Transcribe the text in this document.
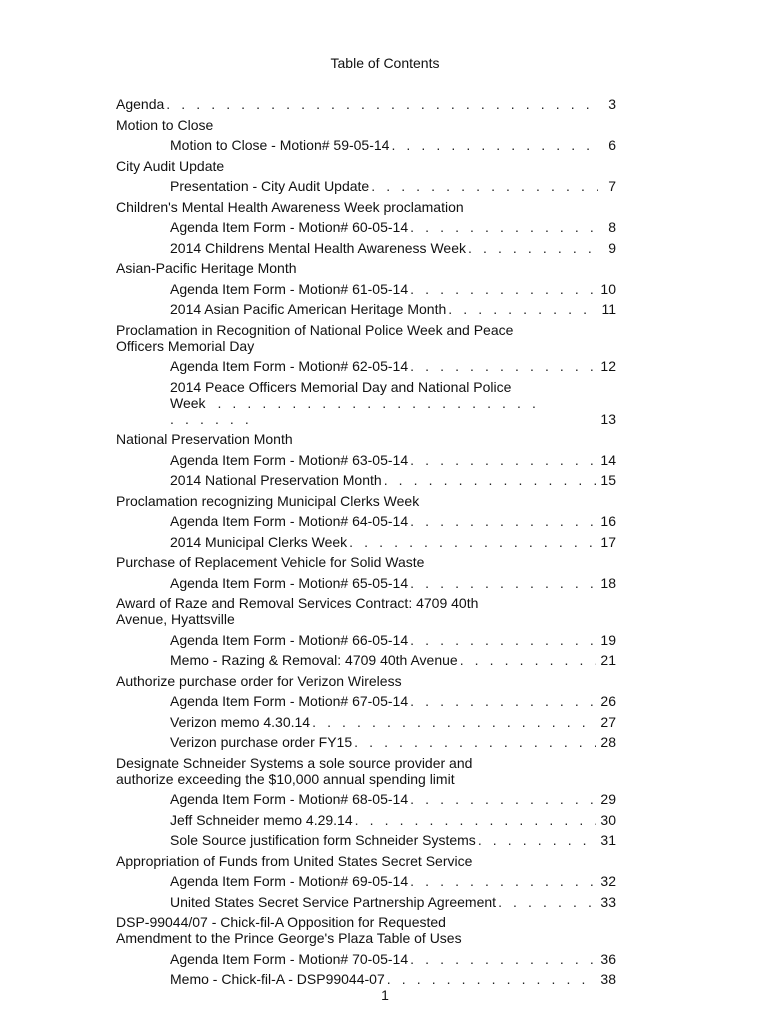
Table of Contents
Agenda . . .	3
Motion to Close
Motion to Close - Motion# 59-05-14 . . .	6
City Audit Update
Presentation - City Audit Update . . .	7
Children's Mental Health Awareness Week proclamation
Agenda Item Form - Motion# 60-05-14 . . .	8
2014 Childrens Mental Health Awareness Week . . .	9
Asian-Pacific Heritage Month
Agenda Item Form - Motion# 61-05-14 . . .	10
2014 Asian Pacific American Heritage Month . . .	11
Proclamation in Recognition of National Police Week and Peace Officers Memorial Day
Agenda Item Form - Motion# 62-05-14 . . .	12
2014 Peace Officers Memorial Day and National Police Week . . . . . . . . . . . . . . . . . . . . . . . . . . . .	13
National Preservation Month
Agenda Item Form - Motion# 63-05-14 . . .	14
2014 National Preservation Month . . .	15
Proclamation recognizing Municipal Clerks Week
Agenda Item Form - Motion# 64-05-14 . . .	16
2014 Municipal Clerks Week . . .	17
Purchase of Replacement Vehicle for Solid Waste
Agenda Item Form - Motion# 65-05-14 . . .	18
Award of Raze and Removal Services Contract: 4709 40th Avenue, Hyattsville
Agenda Item Form - Motion# 66-05-14 . . .	19
Memo - Razing & Removal: 4709 40th Avenue . . .	21
Authorize purchase order for Verizon Wireless
Agenda Item Form - Motion# 67-05-14 . . .	26
Verizon memo 4.30.14 . . .	27
Verizon purchase order FY15 . . .	28
Designate Schneider Systems a sole source provider and authorize exceeding the $10,000 annual spending limit
Agenda Item Form - Motion# 68-05-14 . . .	29
Jeff Schneider memo 4.29.14 . . .	30
Sole Source justification form Schneider Systems . . .	31
Appropriation of Funds from United States Secret Service
Agenda Item Form - Motion# 69-05-14 . . .	32
United States Secret Service Partnership Agreement . . .	33
DSP-99044/07 - Chick-fil-A Opposition for Requested Amendment to the Prince George's Plaza Table of Uses
Agenda Item Form - Motion# 70-05-14 . . .	36
Memo - Chick-fil-A - DSP99044-07 . . .	38
1
